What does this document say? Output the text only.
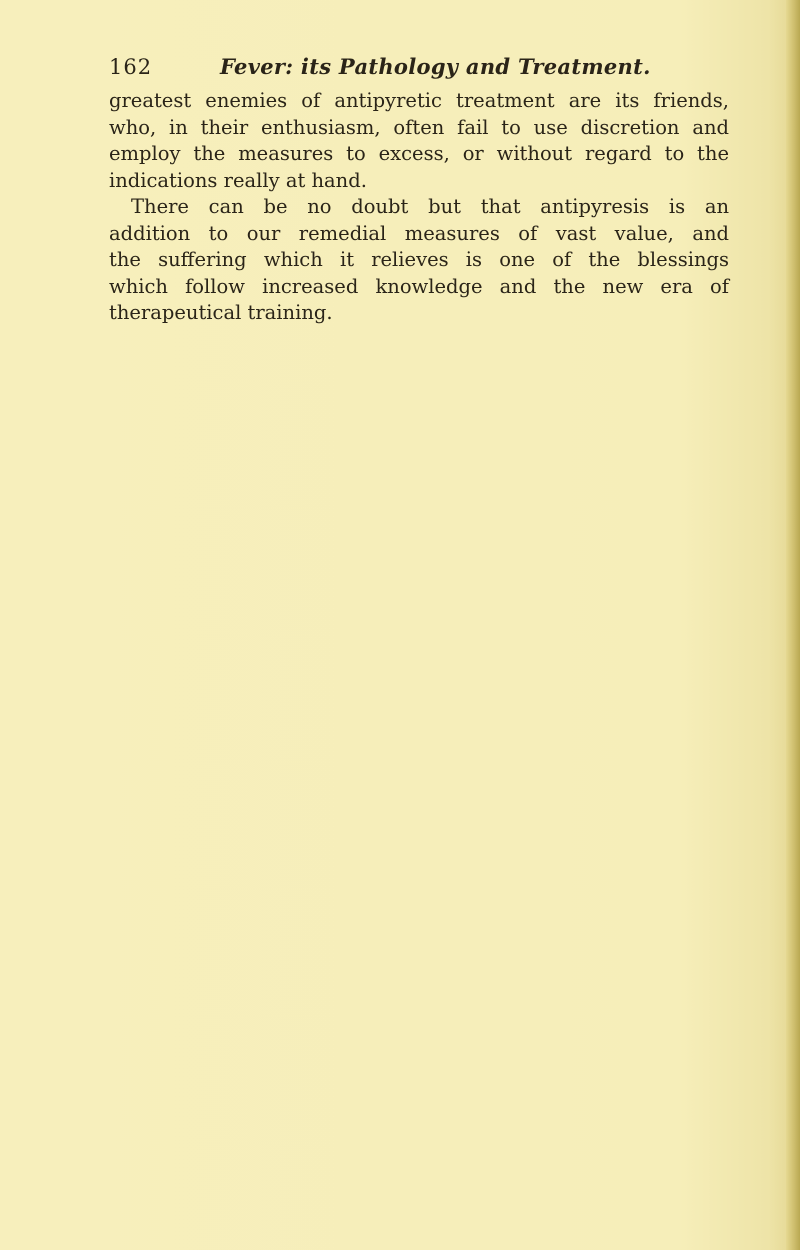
162	Fever: its Pathology and Treatment.
greatest enemies of antipyretic treatment are its friends,
who, in their enthusiasm, often fail to use discretion and
employ the measures to excess, or without regard to the
indications really at hand.
There can be no doubt but that antipyresis is an
addition to our remedial measures of vast value, and
the suffering which it relieves is one of the blessings
which follow increased knowledge and the new era of
therapeutical training.
